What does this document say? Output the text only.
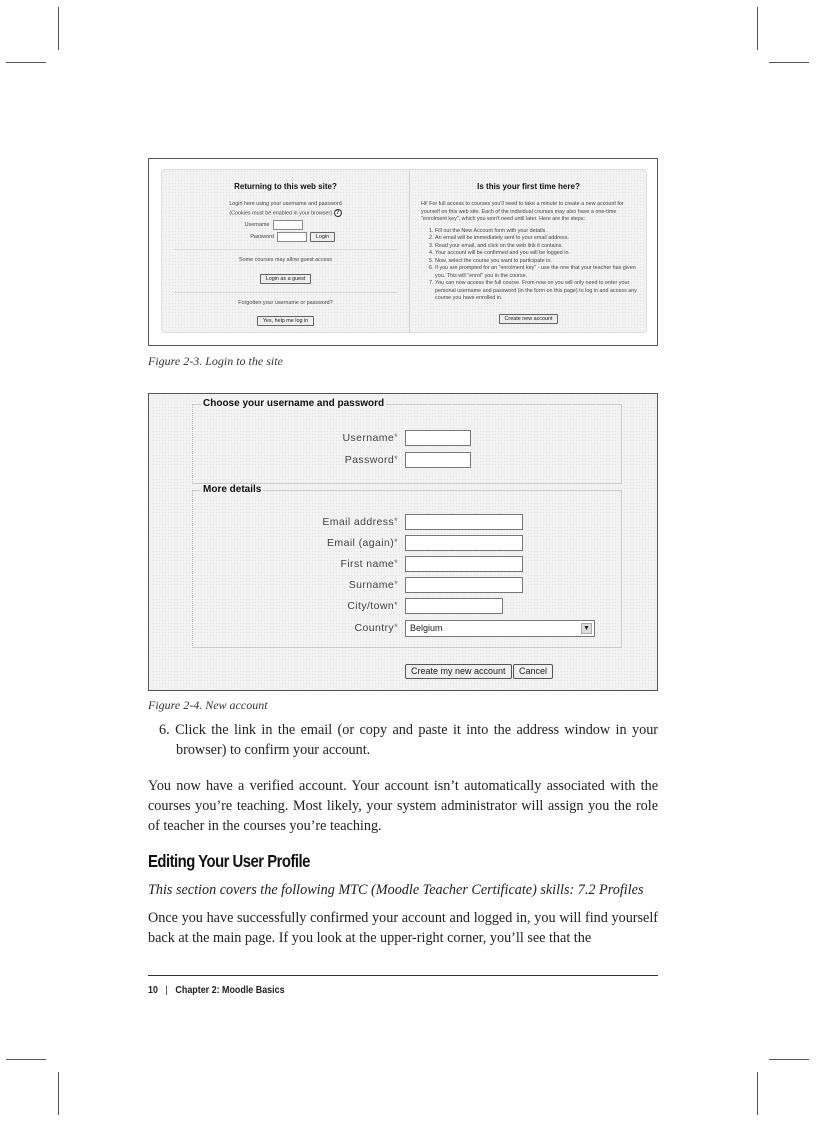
Returning to this web site?
Login here using your username and password
(Cookies must be enabled in your browser) ?
Username
Password	Login
Some courses may allow guest access
Login as a guest
Forgotten your username or password?
Yes, help me log in
Is this your first time here?
Hi! For full access to courses you'll need to take a minute to create a new account for yourself on this web site. Each of the individual courses may also have a one-time "enrolment key", which you won't need until later. Here are the steps:
1. Fill out the New Account form with your details.
2. An email will be immediately sent to your email address.
3. Read your email, and click on the web link it contains.
4. Your account will be confirmed and you will be logged in.
5. Now, select the course you want to participate in.
6. If you are prompted for an "enrolment key" - use the one that your teacher has given you. This will "enrol" you in the course.
7. You can now access the full course. From now on you will only need to enter your personal username and password (in the form on this page) to log in and access any course you have enrolled in.
Create new account
Figure 2-3. Login to the site
Choose your username and password
Username*
Password*
More details
Email address*
Email (again)*
First name*
Surname*
City/town*
Country*	Belgium	▼
Create my new account	Cancel
Figure 2-4. New account
6. Click the link in the email (or copy and paste it into the address window in your browser) to confirm your account.
You now have a verified account. Your account isn’t automatically associated with the courses you’re teaching. Most likely, your system administrator will assign you the role of teacher in the courses you’re teaching.
Editing Your User Profile
This section covers the following MTC (Moodle Teacher Certificate) skills: 7.2 Profiles
Once you have successfully confirmed your account and logged in, you will find yourself back at the main page. If you look at the upper-right corner, you’ll see that the
10 | Chapter 2: Moodle Basics
